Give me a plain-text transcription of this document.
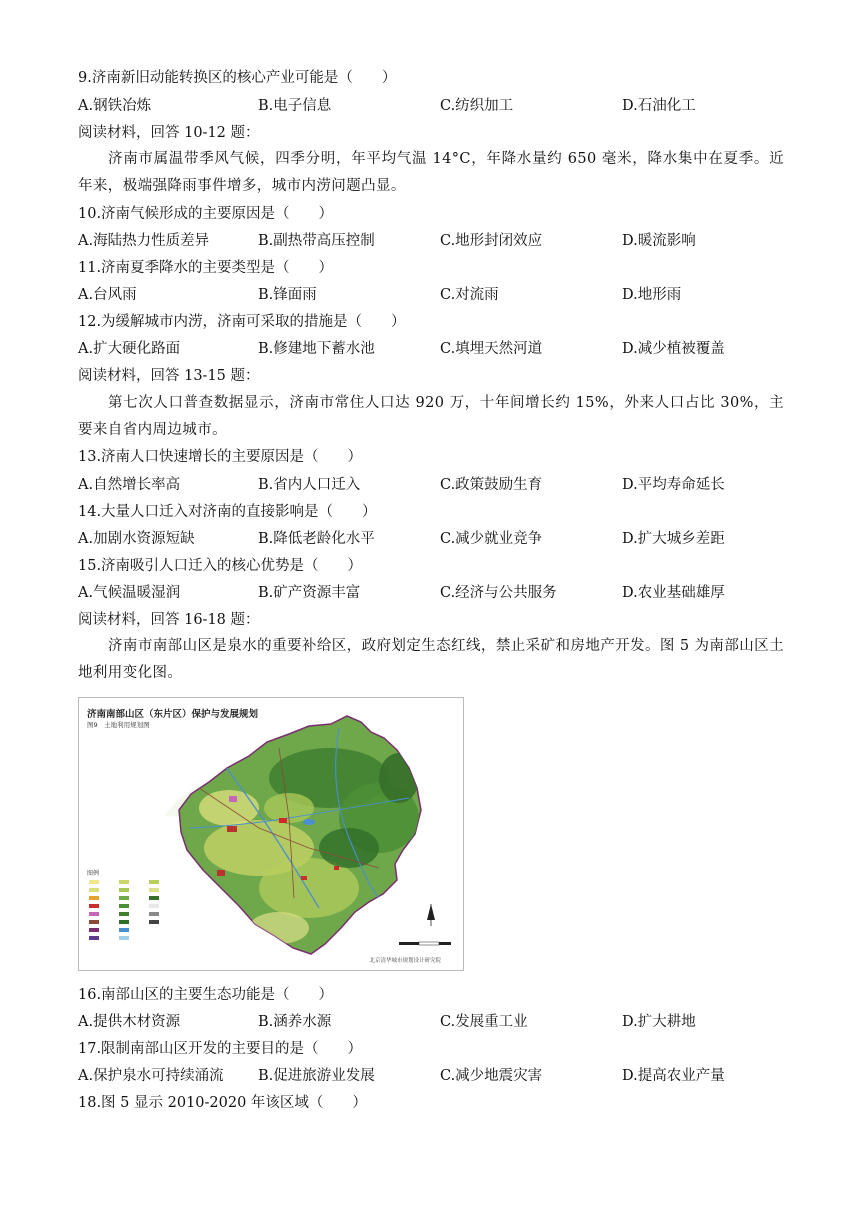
9.济南新旧动能转换区的核心产业可能是（　　）
A.钢铁冶炼	B.电子信息	C.纺织加工	D.石油化工
阅读材料，回答 10-12 题：
济南市属温带季风气候，四季分明，年平均气温 14°C，年降水量约 650 毫米，降水集中在夏季。近年来，极端强降雨事件增多，城市内涝问题凸显。
10.济南气候形成的主要原因是（　　）
A.海陆热力性质差异	B.副热带高压控制	C.地形封闭效应	D.暖流影响
11.济南夏季降水的主要类型是（　　）
A.台风雨	B.锋面雨	C.对流雨	D.地形雨
12.为缓解城市内涝，济南可采取的措施是（　　）
A.扩大硬化路面	B.修建地下蓄水池	C.填埋天然河道	D.减少植被覆盖
阅读材料，回答 13-15 题：
第七次人口普查数据显示，济南市常住人口达 920 万，十年间增长约 15%，外来人口占比 30%，主要来自省内周边城市。
13.济南人口快速增长的主要原因是（　　）
A.自然增长率高	B.省内人口迁入	C.政策鼓励生育	D.平均寿命延长
14.大量人口迁入对济南的直接影响是（　　）
A.加剧水资源短缺	B.降低老龄化水平	C.减少就业竞争	D.扩大城乡差距
15.济南吸引人口迁入的核心优势是（　　）
A.气候温暖湿润	B.矿产资源丰富	C.经济与公共服务	D.农业基础雄厚
阅读材料，回答 16-18 题：
济南市南部山区是泉水的重要补给区，政府划定生态红线，禁止采矿和房地产开发。图 5 为南部山区土地利用变化图。
济南南部山区（东片区）保护与发展规划
图9　土地利用规划图
图例
北京清华城市规划设计研究院
16.南部山区的主要生态功能是（　　）
A.提供木材资源	B.涵养水源	C.发展重工业	D.扩大耕地
17.限制南部山区开发的主要目的是（　　）
A.保护泉水可持续涌流 B.促进旅游业发展	C.减少地震灾害	D.提高农业产量
18.图 5 显示 2010-2020 年该区域（　　）
